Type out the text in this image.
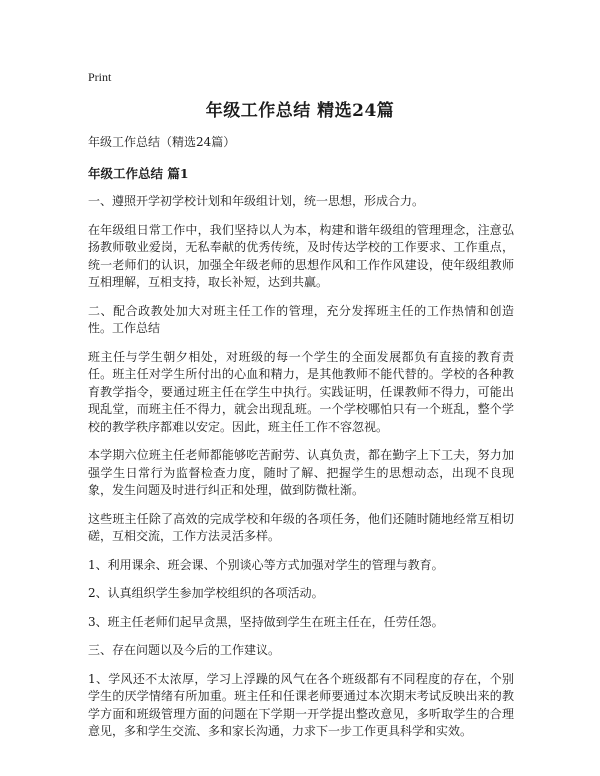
Print
年级工作总结 精选24篇

年级工作总结（精选24篇）

年级工作总结 篇1

一、遵照开学初学校计划和年级组计划，统一思想，形成合力。

在年级组日常工作中，我们坚持以人为本，构建和谐年级组的管理理念，注意弘扬教师敬业爱岗，无私奉献的优秀传统，及时传达学校的工作要求、工作重点，统一老师们的认识，加强全年级老师的思想作风和工作作风建设，使年级组教师互相理解，互相支持，取长补短，达到共赢。

二、配合政教处加大对班主任工作的管理，充分发挥班主任的工作热情和创造性。工作总结

班主任与学生朝夕相处，对班级的每一个学生的全面发展都负有直接的教育责任。班主任对学生所付出的心血和精力，是其他教师不能代替的。学校的各种教育教学指令，要通过班主任在学生中执行。实践证明，任课教师不得力，可能出现乱堂，而班主任不得力，就会出现乱班。一个学校哪怕只有一个班乱，整个学校的教学秩序都难以安定。因此，班主任工作不容忽视。

本学期六位班主任老师都能够吃苦耐劳、认真负责，都在勤字上下工夫，努力加强学生日常行为监督检查力度，随时了解、把握学生的思想动态，出现不良现象，发生问题及时进行纠正和处理，做到防微杜渐。

这些班主任除了高效的完成学校和年级的各项任务，他们还随时随地经常互相切磋，互相交流，工作方法灵活多样。

1、利用课余、班会课、个别谈心等方式加强对学生的管理与教育。

2、认真组织学生参加学校组织的各项活动。

3、班主任老师们起早贪黑，坚持做到学生在班主任在，任劳任怨。

三、存在问题以及今后的工作建议。

1、学风还不太浓厚，学习上浮躁的风气在各个班级都有不同程度的存在，个别学生的厌学情绪有所加重。班主任和任课老师要通过本次期末考试反映出来的教学方面和班级管理方面的问题在下学期一开学提出整改意见，多听取学生的合理意见，多和学生交流、多和家长沟通，力求下一步工作更具科学和实效。
